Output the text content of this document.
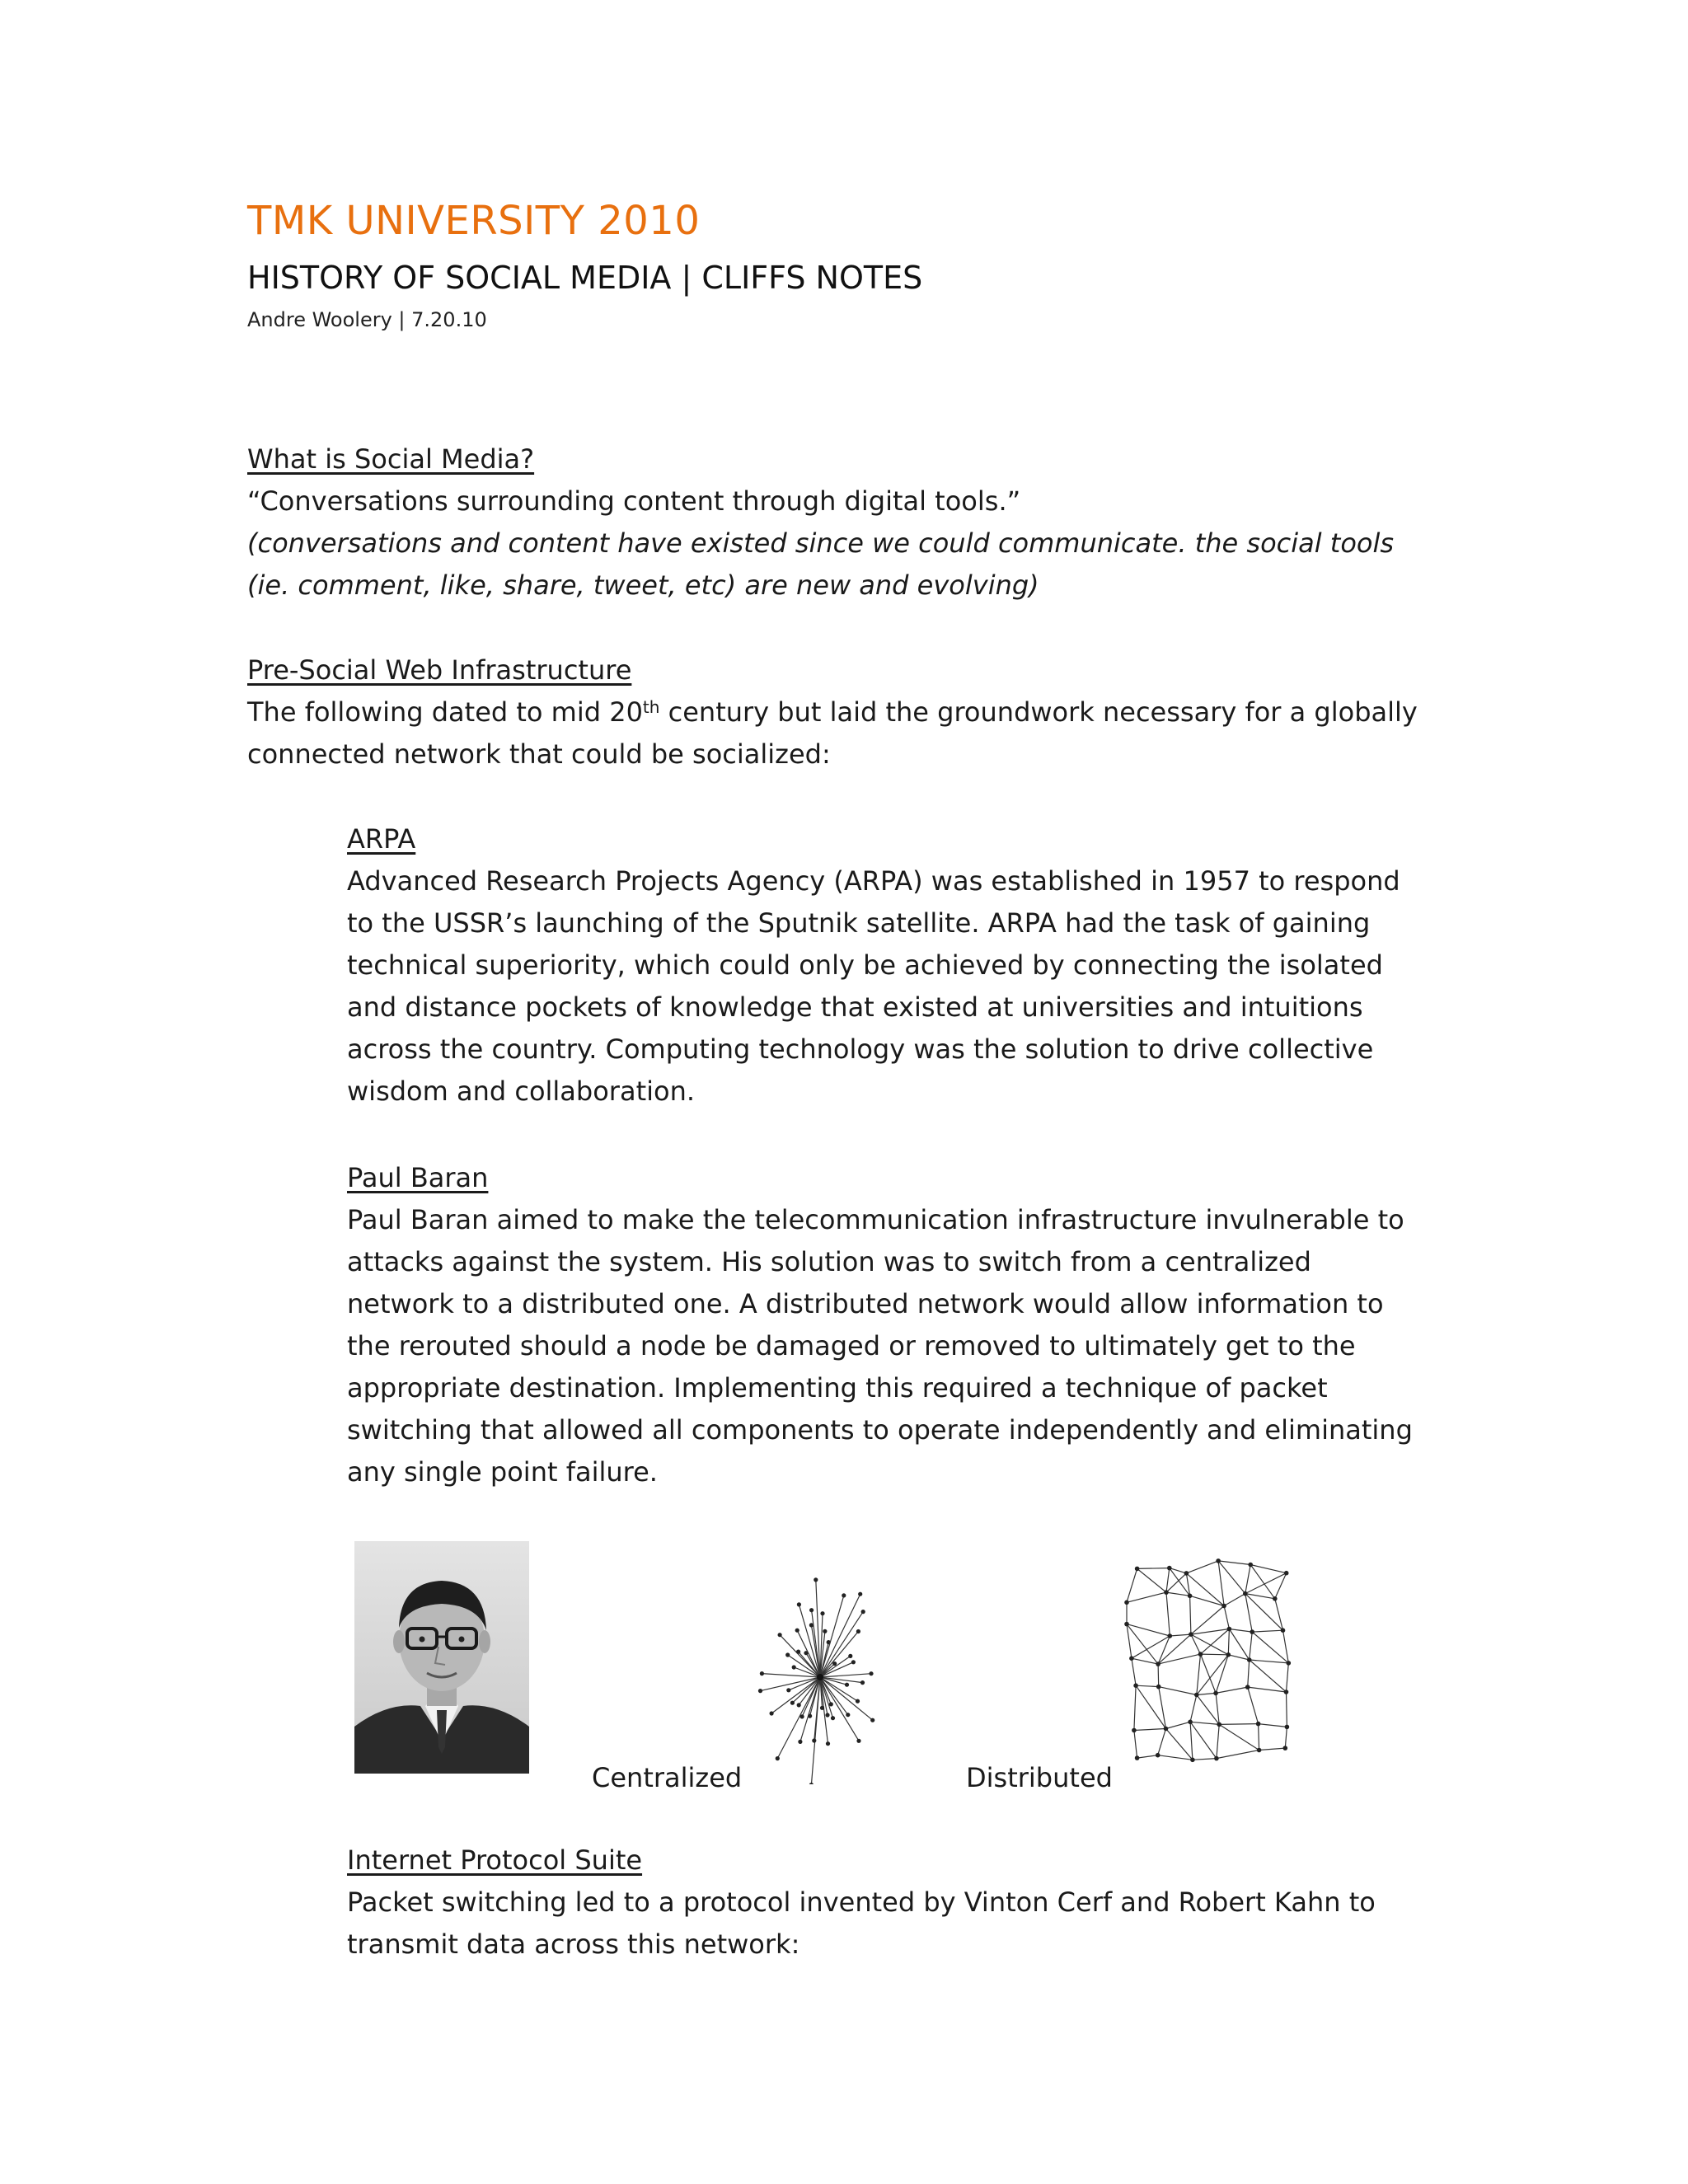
TMK UNIVERSITY 2010
HISTORY OF SOCIAL MEDIA | CLIFFS NOTES
Andre Woolery | 7.20.10

What is Social Media?

“Conversations surrounding content through digital tools.”

(conversations and content have existed since we could communicate. the social tools

(ie. comment, like, share, tweet, etc) are new and evolving)

Pre-Social Web Infrastructure

The following dated to mid 20th century but laid the groundwork necessary for a globally

connected network that could be socialized:

ARPA

Advanced Research Projects Agency (ARPA) was established in 1957 to respond

to the USSR’s launching of the Sputnik satellite. ARPA had the task of gaining

technical superiority, which could only be achieved by connecting the isolated

and distance pockets of knowledge that existed at universities and intuitions

across the country. Computing technology was the solution to drive collective

wisdom and collaboration.

Paul Baran

Paul Baran aimed to make the telecommunication infrastructure invulnerable to

attacks against the system. His solution was to switch from a centralized

network to a distributed one. A distributed network would allow information to

the rerouted should a node be damaged or removed to ultimately get to the

appropriate destination. Implementing this required a technique of packet

switching that allowed all components to operate independently and eliminating

any single point failure.

Centralized	Distributed

Internet Protocol Suite

Packet switching led to a protocol invented by Vinton Cerf and Robert Kahn to

transmit data across this network:
